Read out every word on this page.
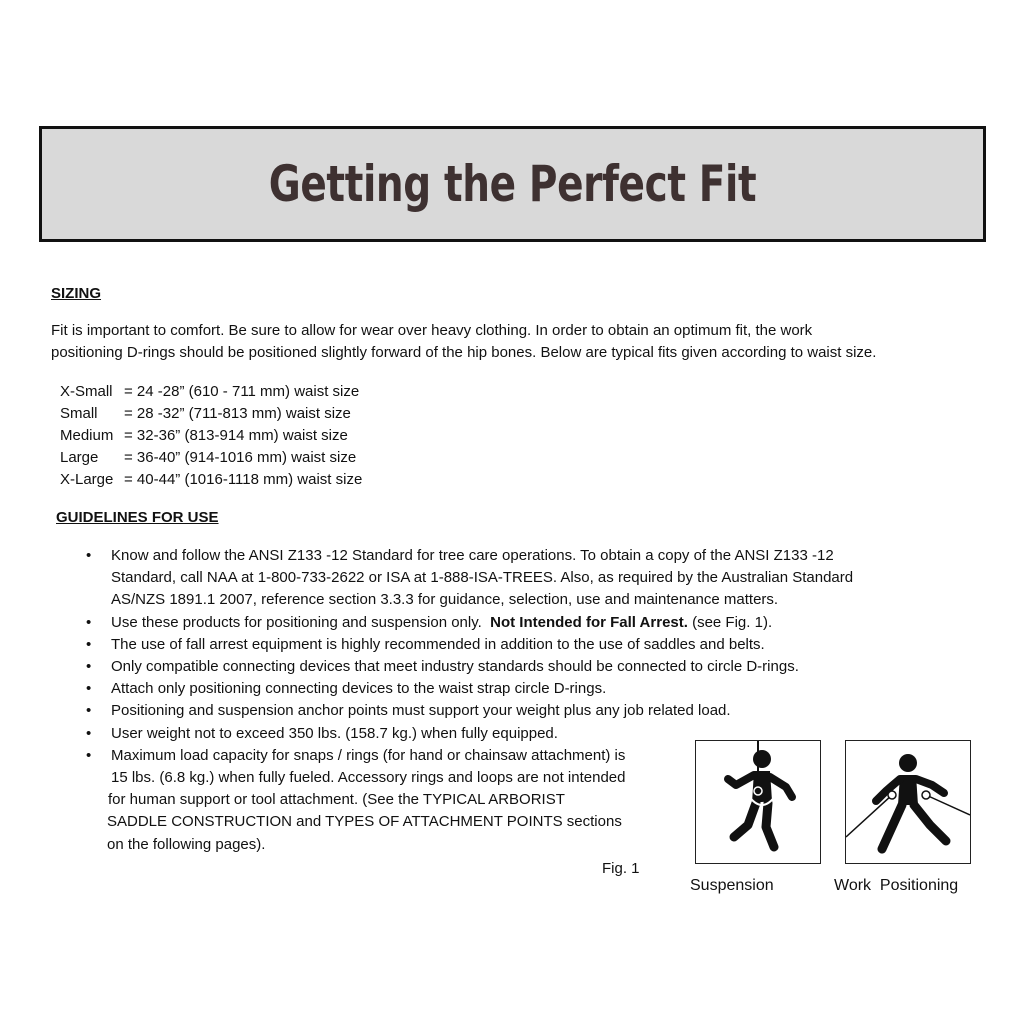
Getting the Perfect Fit
SIZING
Fit is important to comfort. Be sure to allow for wear over heavy clothing. In order to obtain an optimum fit, the work
positioning D-rings should be positioned slightly forward of the hip bones. Below are typical fits given according to waist size.
X-Small = 24 -28” (610 - 711 mm) waist size
Small = 28 -32” (711-813 mm) waist size
Medium = 32-36” (813-914 mm) waist size
Large = 36-40” (914-1016 mm) waist size
X-Large = 40-44” (1016-1118 mm) waist size
GUIDELINES FOR USE
• Know and follow the ANSI Z133 -12 Standard for tree care operations. To obtain a copy of the ANSI Z133 -12
Standard, call NAA at 1-800-733-2622 or ISA at 1-888-ISA-TREES. Also, as required by the Australian Standard
AS/NZS 1891.1 2007, reference section 3.3.3 for guidance, selection, use and maintenance matters.
• Use these products for positioning and suspension only.  Not Intended for Fall Arrest. (see Fig. 1).
• The use of fall arrest equipment is highly recommended in addition to the use of saddles and belts.
• Only compatible connecting devices that meet industry standards should be connected to circle D-rings.
• Attach only positioning connecting devices to the waist strap circle D-rings.
• Positioning and suspension anchor points must support your weight plus any job related load.
• User weight not to exceed 350 lbs. (158.7 kg.) when fully equipped.
• Maximum load capacity for snaps / rings (for hand or chainsaw attachment) is
15 lbs. (6.8 kg.) when fully fueled. Accessory rings and loops are not intended
for human support or tool attachment. (See the TYPICAL ARBORIST
SADDLE CONSTRUCTION and TYPES OF ATTACHMENT POINTS sections
on the following pages).
Fig. 1
Suspension	Work  Positioning
